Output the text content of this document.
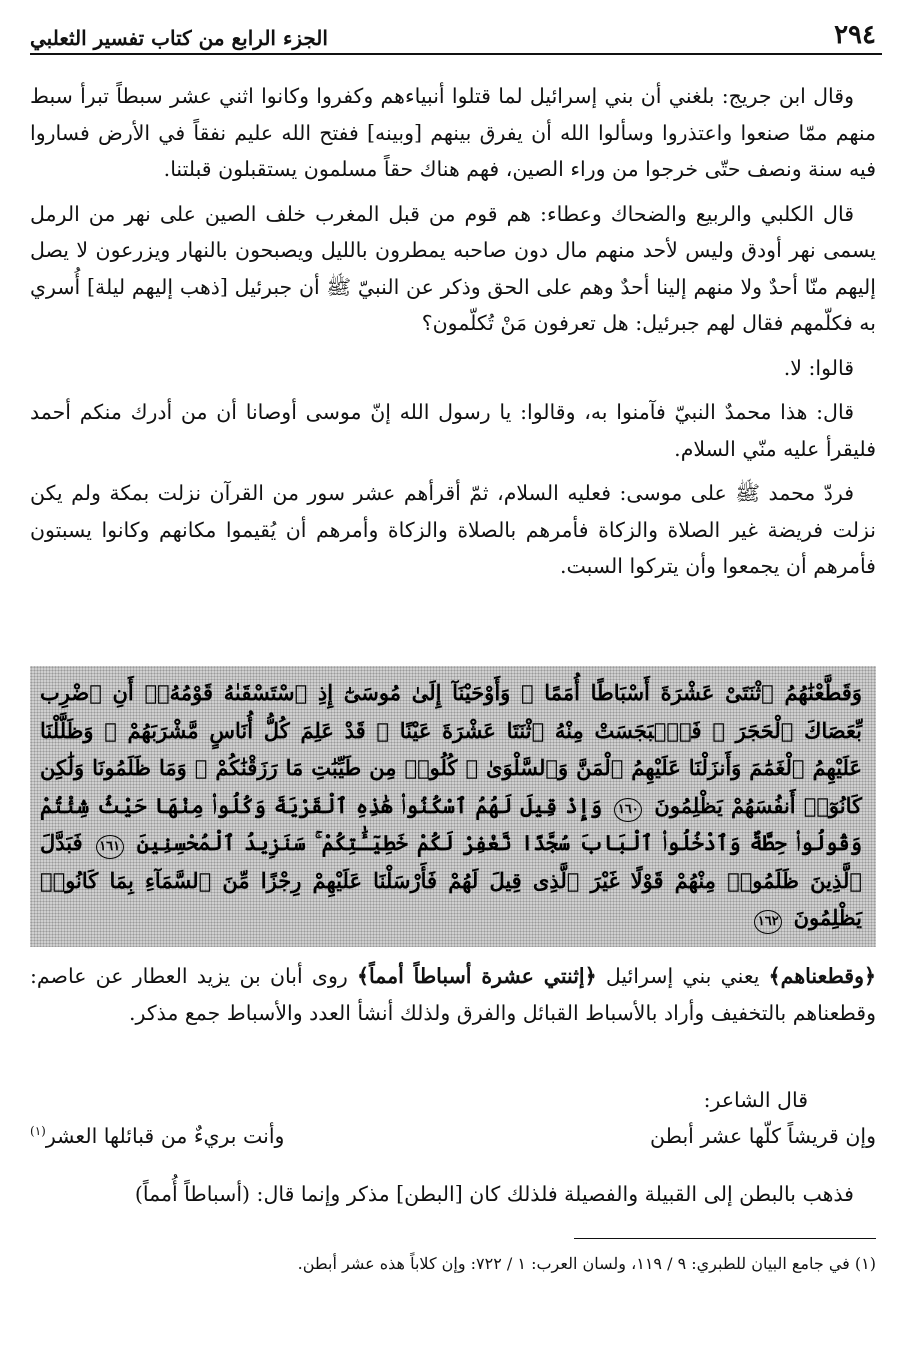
٢٩٤
الجزء الرابع من كتاب تفسير الثعلبي

وقال ابن جريج: بلغني أن بني إسرائيل لما قتلوا أنبياءهم وكفروا وكانوا اثني عشر سبطاً تبرأ سبط منهم ممّا صنعوا واعتذروا وسألوا الله أن يفرق بينهم [وبينه] ففتح الله عليم نفقاً في الأرض فساروا فيه سنة ونصف حتّى خرجوا من وراء الصين، فهم هناك حقاً مسلمون يستقبلون قبلتنا.

قال الكلبي والربيع والضحاك وعطاء: هم قوم من قبل المغرب خلف الصين على نهر من الرمل يسمى نهر أودق وليس لأحد منهم مال دون صاحبه يمطرون بالليل ويصبحون بالنهار ويزرعون لا يصل إليهم منّا أحدٌ ولا منهم إلينا أحدٌ وهم على الحق وذكر عن النبيّ ﷺ أن جبرئيل [ذهب إليهم ليلة] أُسري به فكلّمهم فقال لهم جبرئيل: هل تعرفون مَنْ تُكلّمون؟

قالوا: لا.

قال: هذا محمدٌ النبيّ فآمنوا به، وقالوا: يا رسول الله إنّ موسى أوصانا أن من أدرك منكم أحمد فليقرأ عليه منّي السلام.

فردّ محمد ﷺ على موسى: فعليه السلام، ثمّ أقرأهم عشر سور من القرآن نزلت بمكة ولم يكن نزلت فريضة غير الصلاة والزكاة فأمرهم بالصلاة والزكاة وأمرهم أن يُقيموا مكانهم وكانوا يسبتون فأمرهم أن يجمعوا وأن يتركوا السبت.

وَقَطَّعْنَٰهُمُ ٱثْنَتَىْ عَشْرَةَ أَسْبَاطًا أُمَمًا ۚ وَأَوْحَيْنَآ إِلَىٰ مُوسَىٰٓ إِذِ ٱسْتَسْقَىٰهُ قَوْمُهُۥٓ أَنِ ٱضْرِب بِّعَصَاكَ ٱلْحَجَرَ ۖ فَٱنۢبَجَسَتْ مِنْهُ ٱثْنَتَا عَشْرَةَ عَيْنًا ۖ قَدْ عَلِمَ كُلُّ أُنَاسٍ مَّشْرَبَهُمْ ۚ وَظَلَّلْنَا عَلَيْهِمُ ٱلْغَمَٰمَ وَأَنزَلْنَا عَلَيْهِمُ ٱلْمَنَّ وَٱلسَّلْوَىٰ ۖ كُلُوا۟ مِن طَيِّبَٰتِ مَا رَزَقْنَٰكُمْ ۚ وَمَا ظَلَمُونَا وَلَٰكِن كَانُوٓا۟ أَنفُسَهُمْ يَظْلِمُونَ ١٦٠ وَإِذْ قِيلَ لَهُمُ ٱسْكُنُوا۟ هَٰذِهِ ٱلْقَرْيَةَ وَكُلُوا۟ مِنْهَا حَيْثُ شِئْتُمْ وَقُولُوا۟ حِطَّةٌ وَٱدْخُلُوا۟ ٱلْبَابَ سُجَّدًا نَّغْفِرْ لَكُمْ خَطِيٓـَٰٔتِكُمْ ۚ سَنَزِيدُ ٱلْمُحْسِنِينَ ١٦١ فَبَدَّلَ ٱلَّذِينَ ظَلَمُوا۟ مِنْهُمْ قَوْلًا غَيْرَ ٱلَّذِى قِيلَ لَهُمْ فَأَرْسَلْنَا عَلَيْهِمْ رِجْزًا مِّنَ ٱلسَّمَآءِ بِمَا كَانُوا۟ يَظْلِمُونَ ١٦٢

﴿وقطعناهم﴾ يعني بني إسرائيل ﴿إثنتي عشرة أسباطاً أمماً﴾ روى أبان بن يزيد العطار عن عاصم: وقطعناهم بالتخفيف وأراد بالأسباط القبائل والفرق ولذلك أنشأ العدد والأسباط جمع مذكر.

قال الشاعر:
وإن قريشاً كلّها عشر أبطن
وأنت بريءٌ من قبائلها العشر$^{(١)}$
فذهب بالبطن إلى القبيلة والفصيلة فلذلك كان [البطن] مذكر وإنما قال: (أسباطاً أُمماً)
(١) في جامع البيان للطبري: ٩ / ١١٩، ولسان العرب: ١ / ٧٢٢: وإن كلاباً هذه عشر أبطن.
